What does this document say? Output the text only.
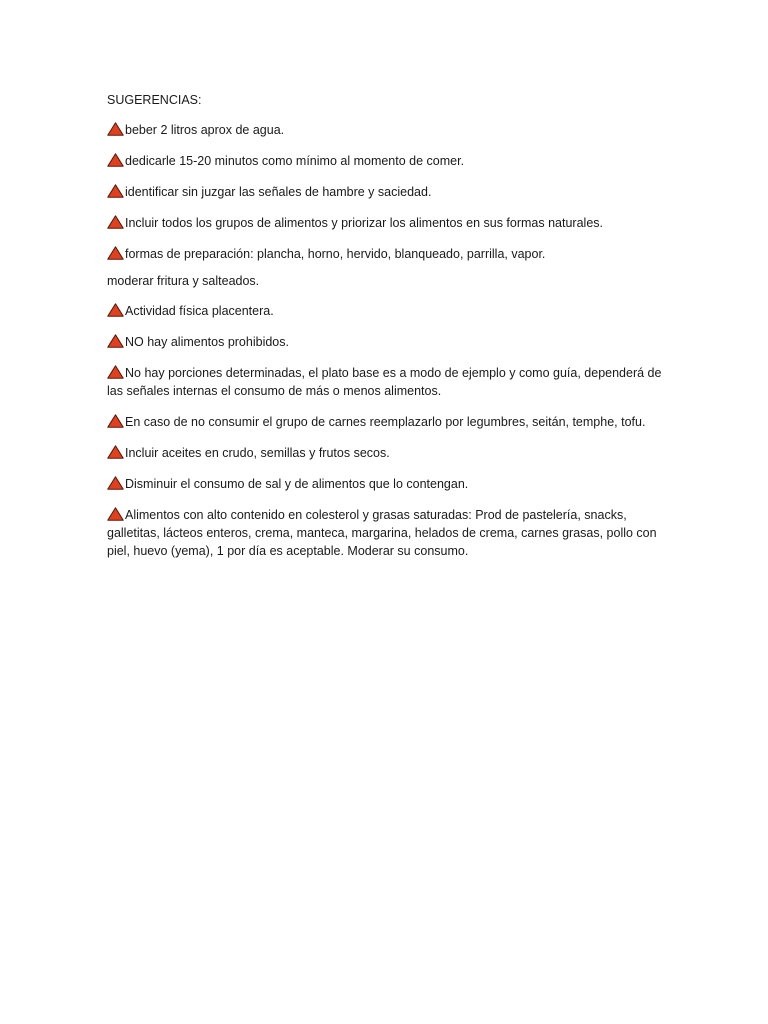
SUGERENCIAS:
beber 2 litros aprox de agua.
dedicarle 15-20 minutos como mínimo al momento de comer.
identificar sin juzgar las señales de hambre y saciedad.
Incluir todos los grupos de alimentos y priorizar los alimentos en sus formas naturales.
formas de preparación: plancha, horno, hervido, blanqueado, parrilla, vapor.
moderar fritura y salteados.
Actividad física placentera.
NO hay alimentos prohibidos.
No hay porciones determinadas, el plato base es a modo de ejemplo y como guía, dependerá de las señales internas el consumo de más o menos alimentos.
En caso de no consumir el grupo de carnes reemplazarlo por legumbres, seitán, temphe, tofu.
Incluir aceites en crudo, semillas y frutos secos.
Disminuir el consumo de sal y de alimentos que lo contengan.
Alimentos con alto contenido en colesterol y grasas saturadas: Prod de pastelería, snacks, galletitas, lácteos enteros, crema, manteca, margarina, helados de crema, carnes grasas, pollo con piel, huevo (yema), 1 por día es aceptable. Moderar su consumo.
